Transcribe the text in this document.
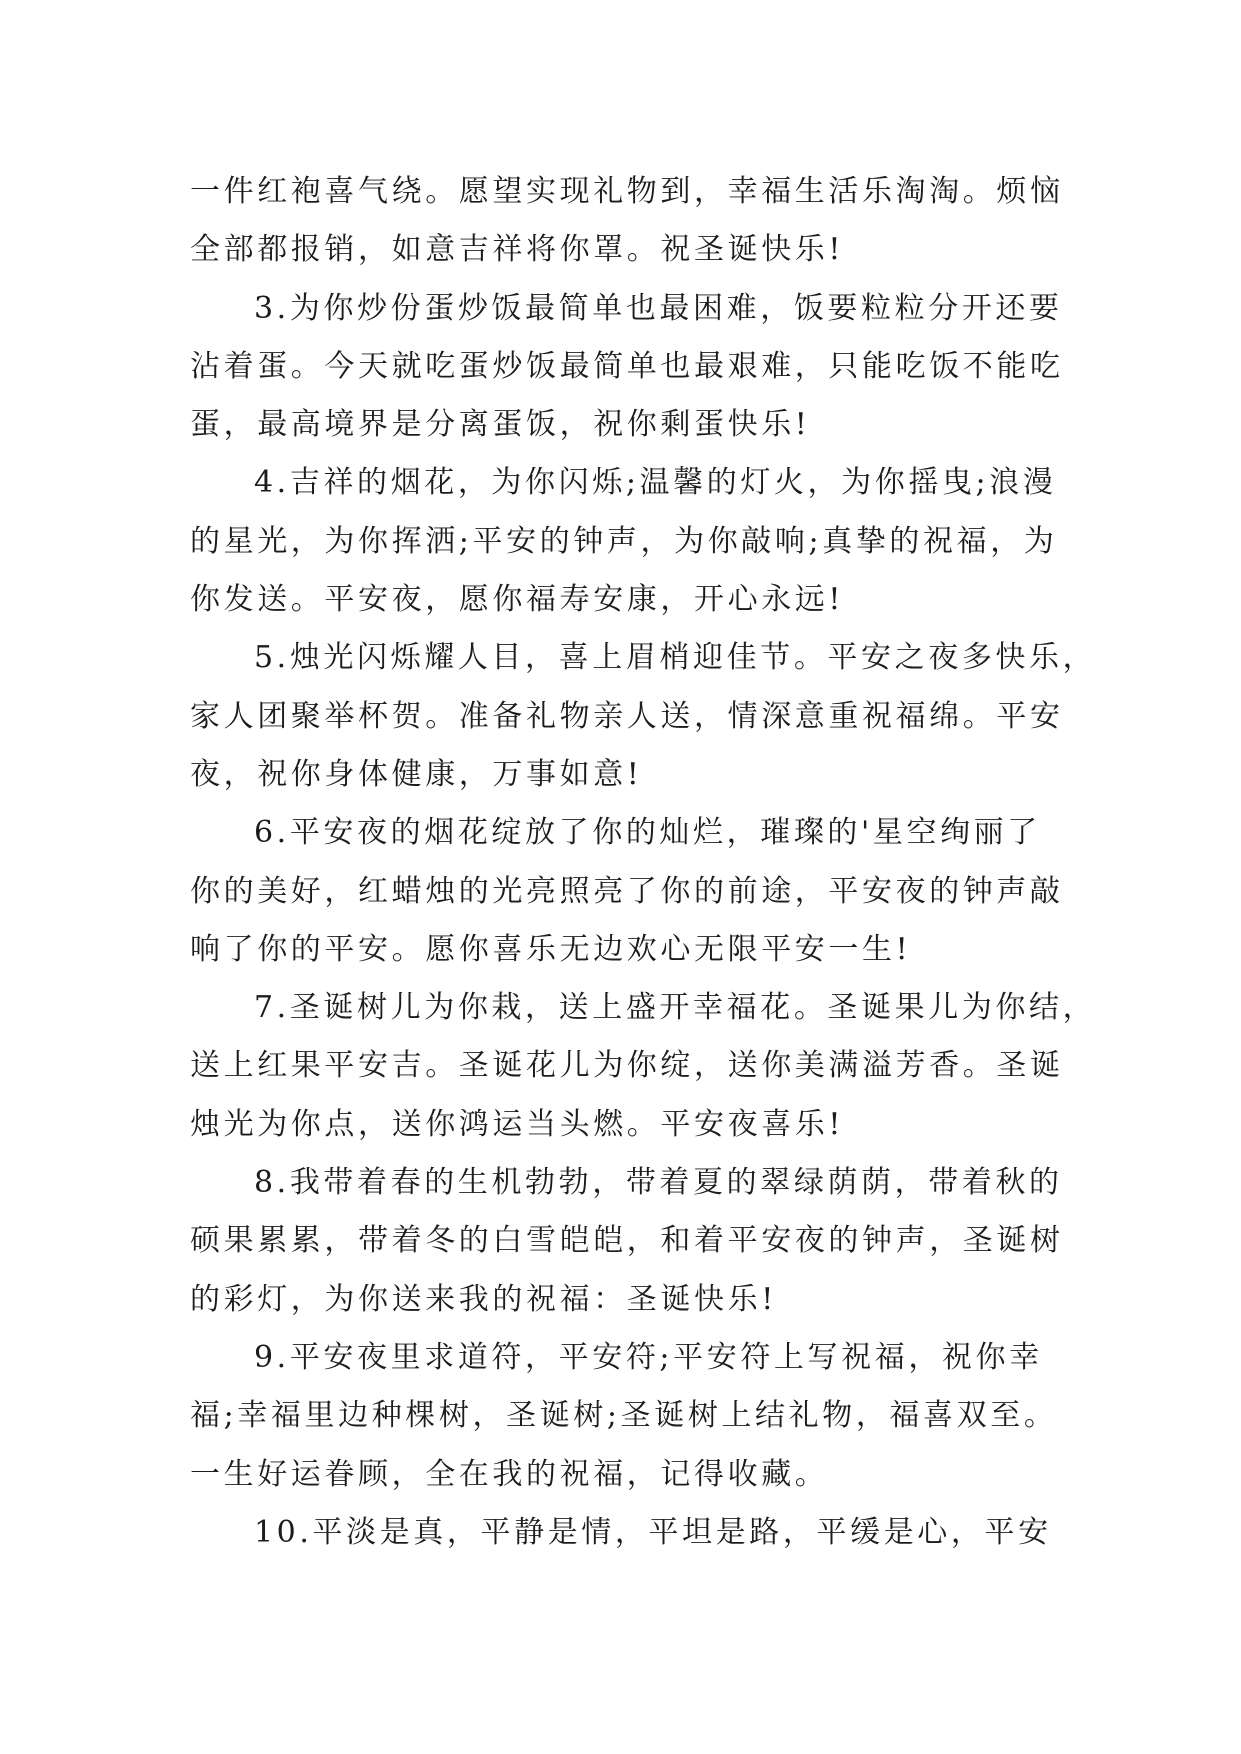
一件红袍喜气绕。愿望实现礼物到，幸福生活乐淘淘。烦恼
全部都报销，如意吉祥将你罩。祝圣诞快乐!

3.为你炒份蛋炒饭最简单也最困难，饭要粒粒分开还要
沾着蛋。今天就吃蛋炒饭最简单也最艰难，只能吃饭不能吃
蛋，最高境界是分离蛋饭，祝你剩蛋快乐!

4.吉祥的烟花，为你闪烁;温馨的灯火，为你摇曳;浪漫
的星光，为你挥洒;平安的钟声，为你敲响;真挚的祝福，为
你发送。平安夜，愿你福寿安康，开心永远!

5.烛光闪烁耀人目，喜上眉梢迎佳节。平安之夜多快乐，
家人团聚举杯贺。准备礼物亲人送，情深意重祝福绵。平安
夜，祝你身体健康，万事如意!

6.平安夜的烟花绽放了你的灿烂，璀璨的'星空绚丽了
你的美好，红蜡烛的光亮照亮了你的前途，平安夜的钟声敲
响了你的平安。愿你喜乐无边欢心无限平安一生!

7.圣诞树儿为你栽，送上盛开幸福花。圣诞果儿为你结，
送上红果平安吉。圣诞花儿为你绽，送你美满溢芳香。圣诞
烛光为你点，送你鸿运当头燃。平安夜喜乐!

8.我带着春的生机勃勃，带着夏的翠绿荫荫，带着秋的
硕果累累，带着冬的白雪皑皑，和着平安夜的钟声，圣诞树
的彩灯，为你送来我的祝福：圣诞快乐!

9.平安夜里求道符，平安符;平安符上写祝福，祝你幸
福;幸福里边种棵树，圣诞树;圣诞树上结礼物，福喜双至。
一生好运眷顾，全在我的祝福，记得收藏。

10.平淡是真，平静是情，平坦是路，平缓是心，平安
